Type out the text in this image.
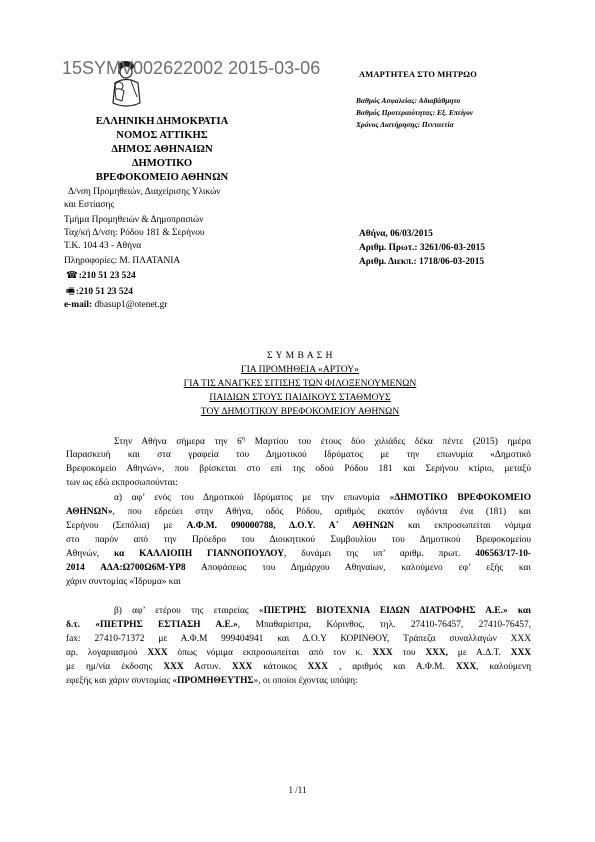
15SYMV002622002 2015-03-06	ΑΜΑΡΤΗΤΕΑ ΣΤΟ ΜΗΤΡΩΟ
Βαθμός Ασφαλείας: Αδιαβάθμητο
Βαθμός Προτεραιότητας: Εξ. Επείγον
Χρόνος Διατήρησης: Πενταετία
ΕΛΛΗΝΙΚΗ ΔΗΜΟΚΡΑΤΙΑ
ΝΟΜΟΣ ΑΤΤΙΚΗΣ
ΔΗΜΟΣ ΑΘΗΝΑΙΩΝ
ΔΗΜΟΤΙΚΟ
ΒΡΕΦΟΚΟΜΕΙΟ ΑΘΗΝΩΝ
Δ/νση Προμηθειών, Διαχείρισης Υλικών
και Εστίασης
Τμήμα Προμηθειών & Δημοπρασιών
Ταχ/κή Δ/νση: Ρόδου 181 & Σερήνου
Τ.Κ. 104 43 - Αθήνα
Πληροφορίες: Μ. ΠΛΑΤΑΝΙΑ
☎:210 51 23 524
🖷:210 51 23 524
e-mail: dbasup1@otenet.gr
Αθήνα, 06/03/2015
Αριθμ. Πρωτ.: 3261/06-03-2015
Αριθμ. Διεκπ.: 1718/06-03-2015
Σ Υ Μ Β Α Σ Η
ΓΙΑ ΠΡΟΜΗΘΕΙΑ «ΑΡΤΟΥ»
ΓΙΑ ΤΙΣ ΑΝΑΓΚΕΣ ΣΙΤΙΣΗΣ ΤΩΝ ΦΙΛΟΞΕΝΟΥΜΕΝΩΝ
ΠΑΙΔΙΩΝ ΣΤΟΥΣ ΠΑΙΔΙΚΟΥΣ ΣΤΑΘΜΟΥΣ
ΤΟΥ ΔΗΜΟΤΙΚΟΥ ΒΡΕΦΟΚΟΜΕΙΟΥ ΑΘΗΝΩΝ
Στην Αθήνα σήμερα την $6^\eta$ Μαρτίου του έτους δύο χιλιάδες δέκα πέντε (2015) ημέρα
Παρασκευή και στα γραφεία του Δημοτικού Ιδρύματος με την επωνυμία «Δημοτικό
Βρεφοκομείο Αθηνών», που βρίσκεται στο επί της οδού Ρόδου 181 και Σερήνου κτίριο, μεταξύ
των ως εδώ εκπροσωπούνται:
α) αφ’ ενός του Δημοτικού Ιδρύματος με την επωνυμία «ΔΗΜΟΤΙΚΟ ΒΡΕΦΟΚΟΜΕΙΟ
ΑΘΗΝΩΝ», που εδρεύει στην Αθήνα, οδός Ρόδου, αριθμός εκατόν ογδόντα ένα (181) και
Σερήνου (Σεπόλια) με Α.Φ.Μ. 090000788, Δ.Ο.Υ. Α΄ ΑΘΗΝΩΝ και εκπροσωπείται νόμιμα
στο παρόν από την Πρόεδρο του Διοικητικού Συμβουλίου του Δημοτικού Βρεφοκομείου
Αθηνών, κα ΚΑΛΛΙΟΠΗ ΓΙΑΝΝΟΠΟΥΛΟΥ, δυνάμει της υπ’ αριθμ. πρωτ. 406563/17-10-
2014 ΑΔΑ:Ω700Ω6Μ-ΥΡ8 Αποφάσεως του Δημάρχου Αθηναίων, καλούμενο εφ’ εξής και
χάριν συντομίας «Ίδρυμα» και
β) αφ’ ετέρου της εταιρείας «ΠΙΕΤΡΗΣ ΒΙΟΤΕΧΝΙΑ ΕΙΔΩΝ ΔΙΑΤΡΟΦΗΣ Α.Ε.» και
δ.τ. «ΠΙΕΤΡΗΣ ΕΣΤΙΑΣΗ Α.Ε.», Μπαθαρίστρα, Κόρινθος, τηλ. 27410-76457, 27410-76457,
fax: 27410-71372 με Α.Φ.Μ 999404941 και Δ.Ο.Υ ΚΟΡΙΝΘΟΥ, Τράπεζα συναλλαγών ΧΧΧ
αρ. λογαριασμού ΧΧΧ όπως νόμιμα εκπροσωπείται από τον κ. ΧΧΧ του ΧΧΧ, με Α.Δ.Τ. ΧΧΧ
με ημ/νία έκδοσης ΧΧΧ Αστυν. ΧΧΧ κάτοικος ΧΧΧ , αριθμός και Α.Φ.Μ. ΧΧΧ, καλούμενη
εφεξής και χάριν συντομίας «ΠΡΟΜΗΘΕΥΤΗΣ», οι οποίοι έχοντας υπόψη:
1 /11
